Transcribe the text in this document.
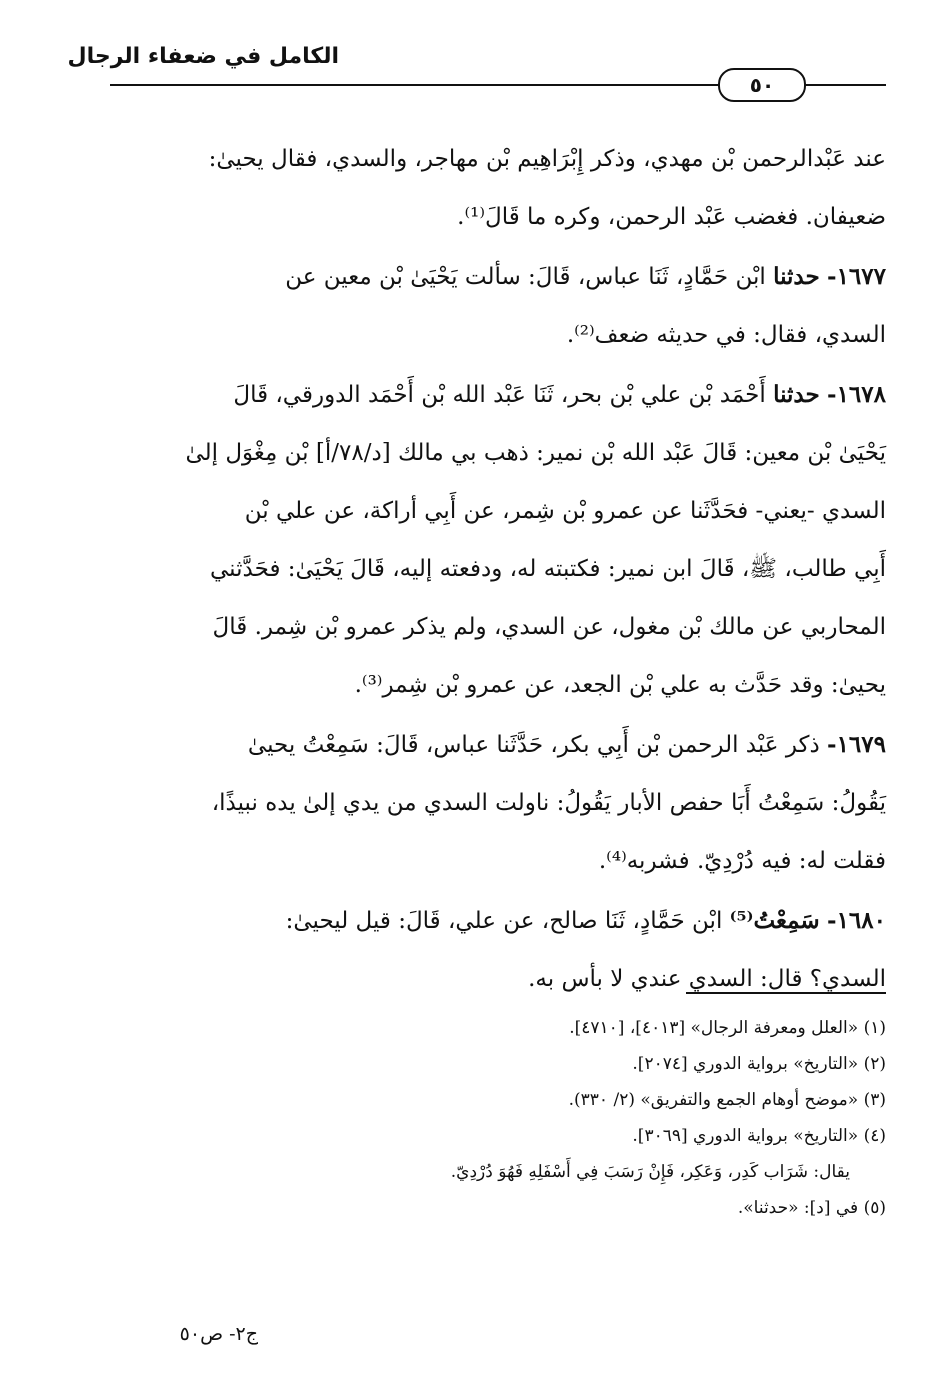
الكامل في ضعفاء الرجال
٥٠

عند عَبْدالرحمن بْن مهدي، وذكر إِبْرَاهِيم بْن مهاجر، والسدي، فقال يحيىٰ:

ضعيفان. فغضب عَبْد الرحمن، وكره ما قَالَ⁽¹⁾.

١٦٧٧- حدثنا ابْن حَمَّادٍ، ثَنَا عباس، قَالَ: سألت يَحْيَىٰ بْن معين عن

السدي، فقال: في حديثه ضعف⁽²⁾.

١٦٧٨- حدثنا أَحْمَد بْن علي بْن بحر، ثَنَا عَبْد الله بْن أَحْمَد الدورقي، قَالَ

يَحْيَىٰ بْن معين: قَالَ عَبْد الله بْن نمير: ذهب بي مالك [د/٧٨/أ] بْن مِغْوَل إلىٰ

السدي -يعني- فحَدَّثَنا عن عمرو بْن شِمر، عن أَبِي أراكة، عن علي بْن

أَبِي طالب، ﷺ، قَالَ ابن نمير: فكتبته له، ودفعته إليه، قَالَ يَحْيَىٰ: فحَدَّثني

المحاربي عن مالك بْن مغول، عن السدي، ولم يذكر عمرو بْن شِمر. قَالَ

يحيىٰ: وقد حَدَّث به علي بْن الجعد، عن عمرو بْن شِمر⁽³⁾.

١٦٧٩- ذكر عَبْد الرحمن بْن أَبِي بكر، حَدَّثَنا عباس، قَالَ: سَمِعْتُ يحيىٰ

يَقُولُ: سَمِعْتُ أَبَا حفص الأبار يَقُولُ: ناولت السدي من يدي إلىٰ يده نبيذًا،

فقلت له: فيه دُرْدِيّ. فشربه⁽⁴⁾.

١٦٨٠- سَمِعْتُ⁽⁵⁾ ابْن حَمَّادٍ، ثَنَا صالح، عن علي، قَالَ: قيل ليحيىٰ:

السدي؟ قال: السدي عندي لا بأس به.

(١) «العلل ومعرفة الرجال» [٤٠١٣]، [٤٧١٠].

(٢) «التاريخ» برواية الدوري [٢٠٧٤].

(٣) «موضح أوهام الجمع والتفريق» (٢/ ٣٣٠).

(٤) «التاريخ» برواية الدوري [٣٠٦٩].

يقال: شَرَاب كَدِر، وَعَكِر، فَإِنْ رَسَبَ فِي أَسْفَلِهِ فَهُوَ دُرْدِيّ.

(٥) في [د]: «حدثنا».

ج٢- ص٥٠
